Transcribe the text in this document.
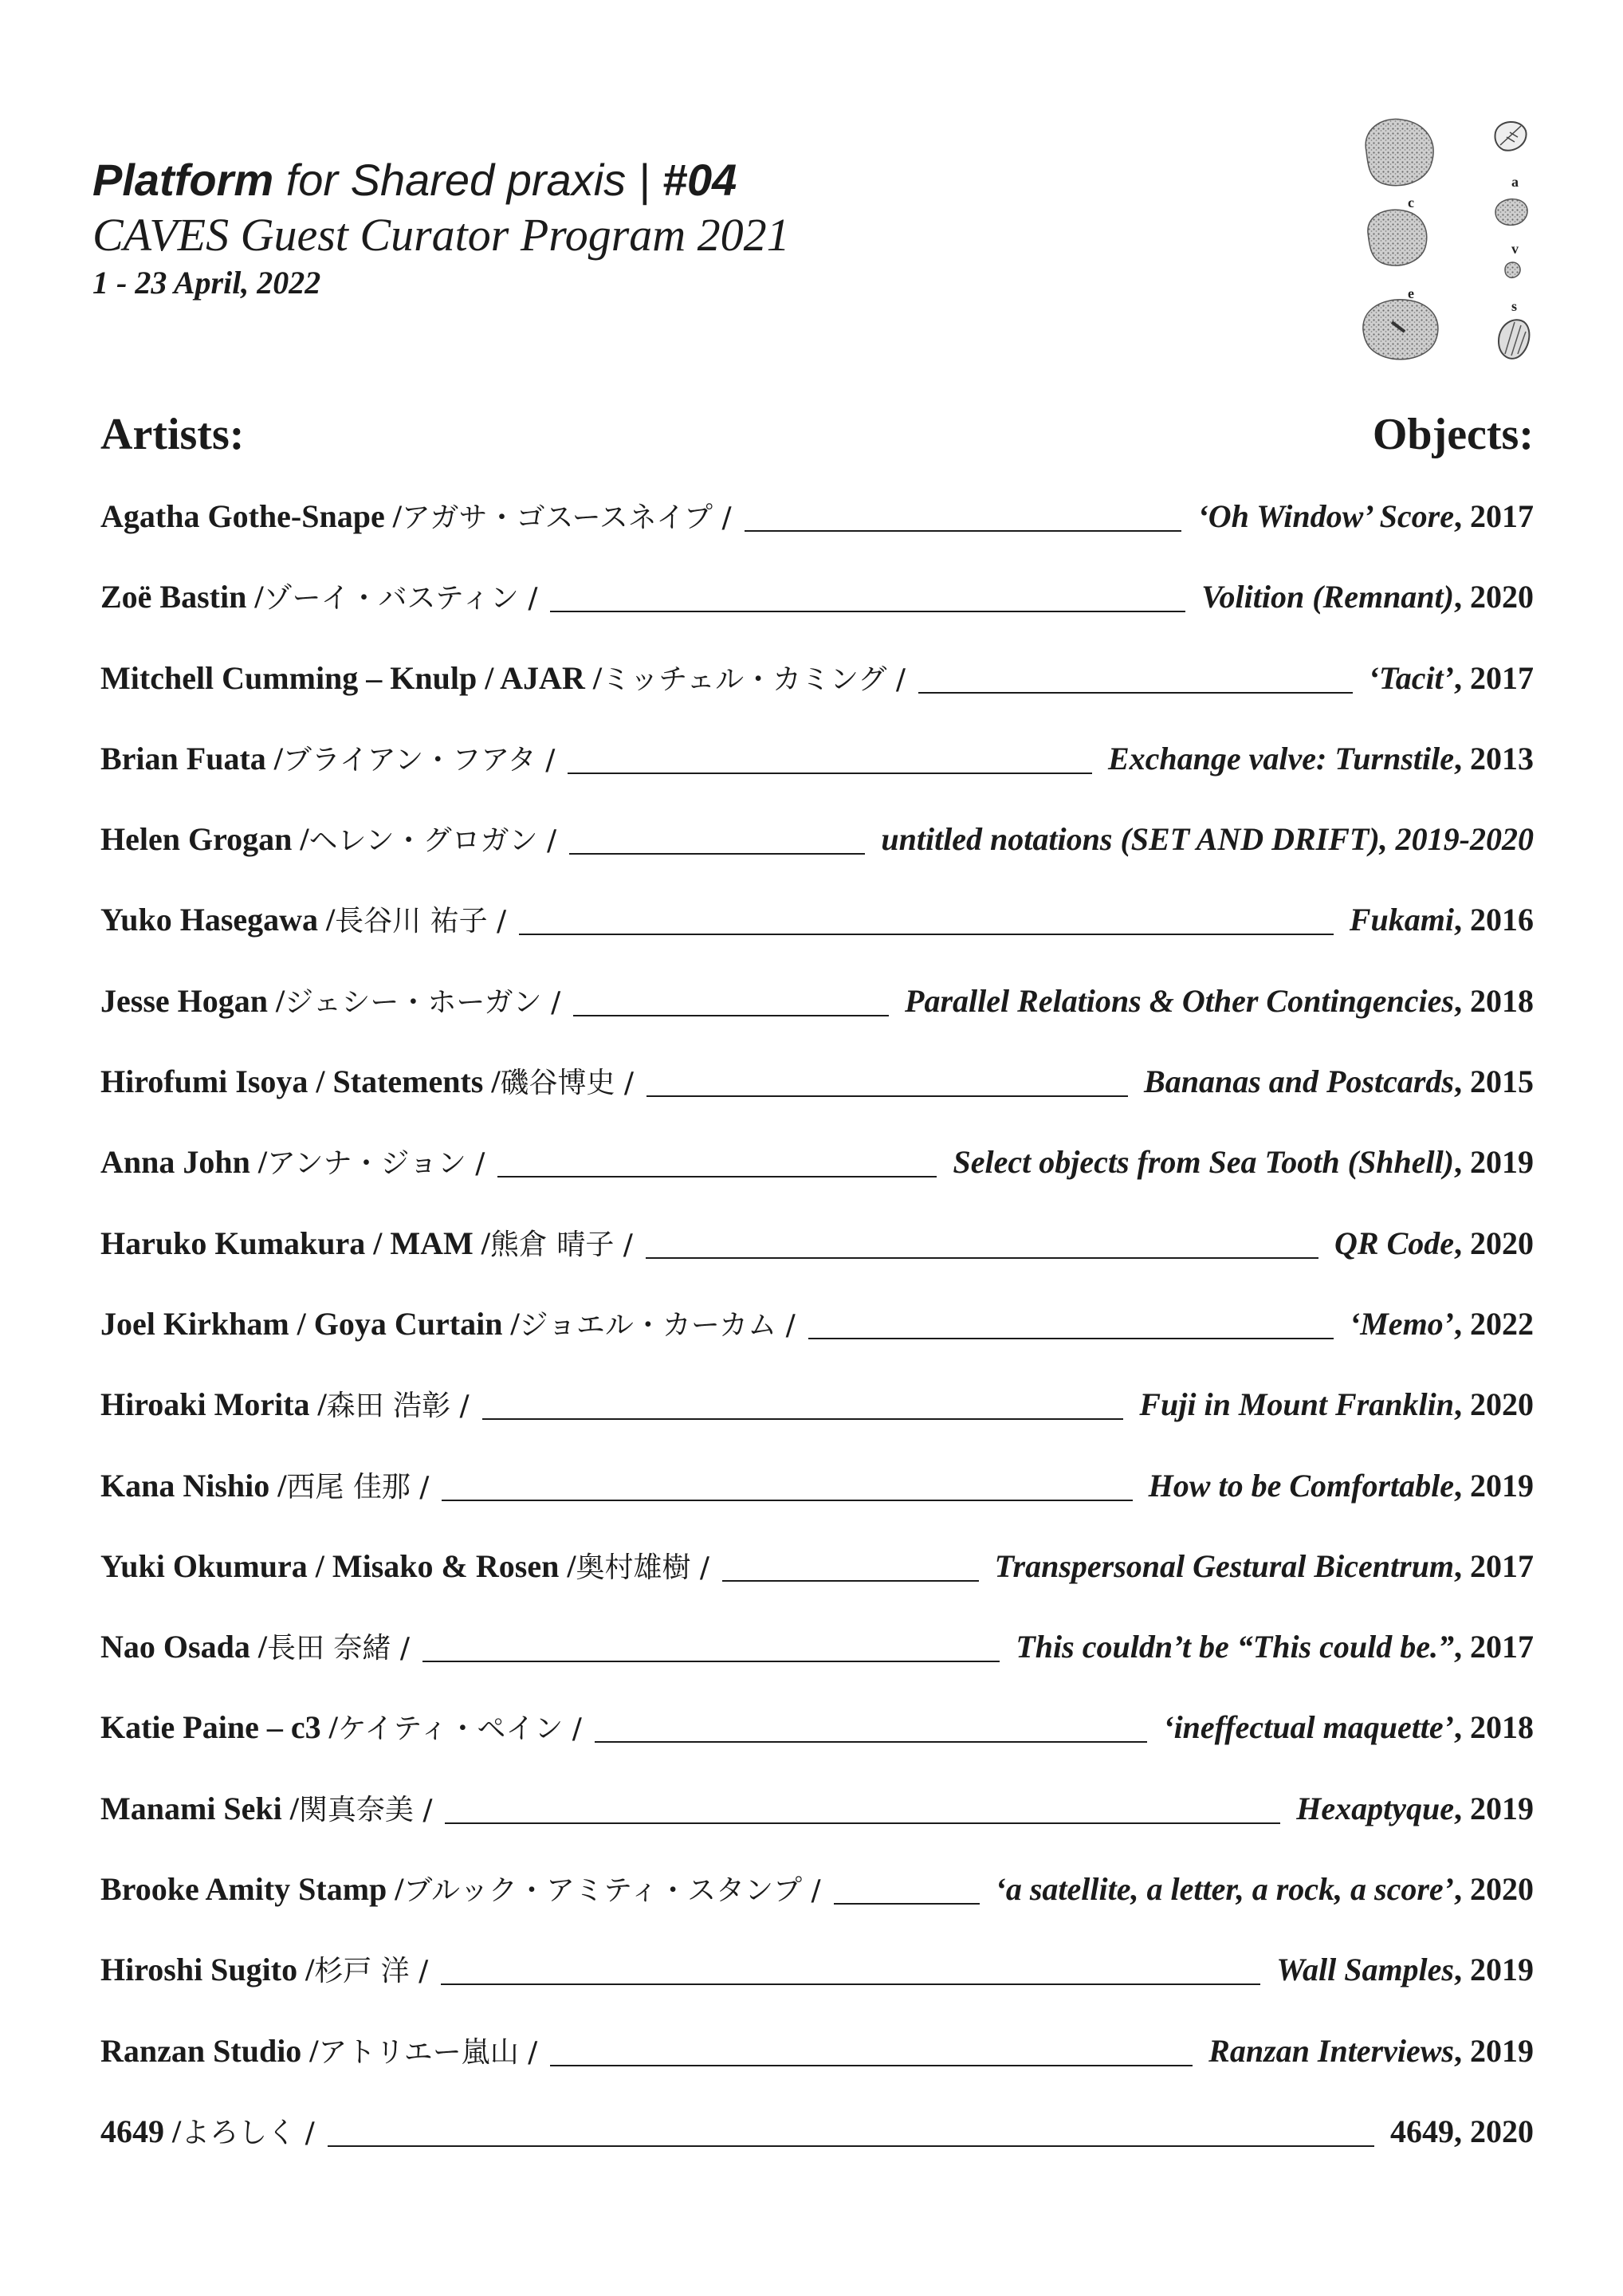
Platform for Shared praxis | #04
CAVES Guest Curator Program 2021
1 - 23 April, 2022
c
e
a
v
s
Artists:	Objects:
Agatha Gothe-Snape / アガサ・ゴスースネイプ /	‘Oh Window’ Score, 2017
Zoë Bastin / ゾーイ・バスティン /	Volition (Remnant), 2020
Mitchell Cumming – Knulp / AJAR / ミッチェル・カミング /	‘Tacit’, 2017
Brian Fuata / ブライアン・フアタ /	Exchange valve: Turnstile, 2013
Helen Grogan / ヘレン・グロガン /	untitled notations (SET AND DRIFT), 2019-2020
Yuko Hasegawa / 長谷川 祐子 /	Fukami, 2016
Jesse Hogan / ジェシー・ホーガン /	Parallel Relations & Other Contingencies, 2018
Hirofumi Isoya / Statements / 磯谷博史 /	Bananas and Postcards, 2015
Anna John / アンナ・ジョン /	Select objects from Sea Tooth (Shhell), 2019
Haruko Kumakura / MAM / 熊倉 晴子 /	QR Code, 2020
Joel Kirkham / Goya Curtain / ジョエル・カーカム /	‘Memo’, 2022
Hiroaki Morita / 森田 浩彰 /	Fuji in Mount Franklin, 2020
Kana Nishio / 西尾 佳那 /	How to be Comfortable, 2019
Yuki Okumura / Misako & Rosen / 奥村雄樹 /	Transpersonal Gestural Bicentrum, 2017
Nao Osada / 長田 奈緒 /	This couldn’t be “This could be.”, 2017
Katie Paine – c3 / ケイティ・ペイン /	‘ineffectual maquette’, 2018
Manami Seki / 関真奈美 /	Hexaptyque, 2019
Brooke Amity Stamp / ブルック・アミティ・スタンプ /	‘a satellite, a letter, a rock, a score’, 2020
Hiroshi Sugito / 杉戸 洋 /	Wall Samples, 2019
Ranzan Studio / アトリエー嵐山 /	Ranzan Interviews, 2019
4649 / よろしく /	4649, 2020
